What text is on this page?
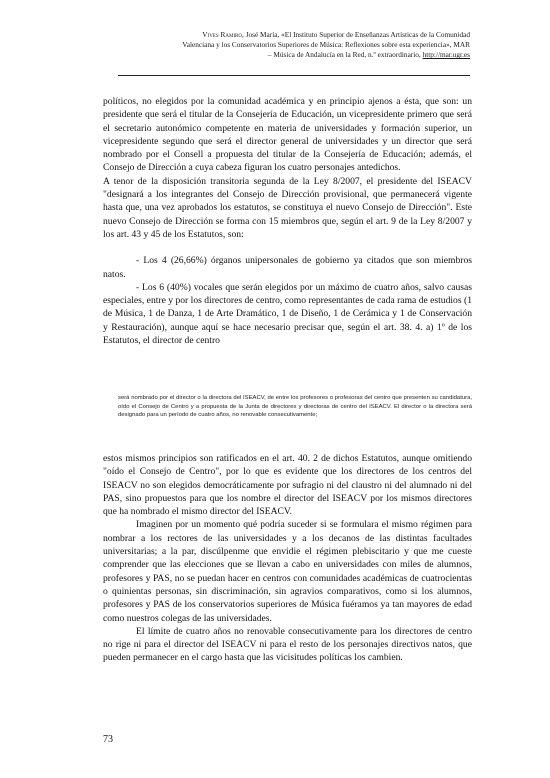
Vives Ramiro, José María, «El Instituto Superior de Enseñanzas Artísticas de la Comunidad
Valenciana y los Conservatorios Superiores de Música: Reflexiones sobre esta experiencia», MAR
– Música de Andalucía en la Red, n.º extraordinario, http://mar.ugr.es

políticos, no elegidos por la comunidad académica y en principio ajenos a ésta, que son: un presidente que será el titular de la Consejería de Educación, un vicepresidente primero que será el secretario autonómico competente en materia de universidades y formación superior, un vicepresidente segundo que será el director general de universidades y un director que será nombrado por el Consell a propuesta del titular de la Consejería de Educación; además, el Consejo de Dirección a cuya cabeza figuran los cuatro personajes antedichos.

A tenor de la disposición transitoria segunda de la Ley 8/2007, el presidente del ISEACV "designará a los integrantes del Consejo de Dirección provisional, que permanecerá vigente hasta que, una vez aprobados los estatutos, se constituya el nuevo Consejo de Dirección". Este nuevo Consejo de Dirección se forma con 15 miembros que, según el art. 9 de la Ley 8/2007 y los art. 43 y 45 de los Estatutos, son:

- Los 4 (26,66%) órganos unipersonales de gobierno ya citados que son miembros natos.

- Los 6 (40%) vocales que serán elegidos por un máximo de cuatro años, salvo causas especiales, entre y por los directores de centro, como representantes de cada rama de estudios (1 de Música, 1 de Danza, 1 de Arte Dramático, 1 de Diseño, 1 de Cerámica y 1 de Conservación y Restauración), aunque aquí se hace necesario precisar que, según el art. 38. 4. a) 1º de los Estatutos, el director de centro

será nombrado por el director o la directora del ISEACV, de entre los profesores o profesoras del centro que presenten su candidatura, oído el Consejo de Centro y a propuesta de la Junta de directores y directoras de centro del ISEACV. El director o la directora será designado para un período de cuatro años, no renovable consecutivamente;

estos mismos principios son ratificados en el art. 40. 2 de dichos Estatutos, aunque omitiendo "oído el Consejo de Centro", por lo que es evidente que los directores de los centros del ISEACV no son elegidos democráticamente por sufragio ni del claustro ni del alumnado ni del PAS, sino propuestos para que los nombre el director del ISEACV por los mismos directores que ha nombrado el mismo director del ISEACV.

Imaginen por un momento qué podría suceder si se formulara el mismo régimen para nombrar a los rectores de las universidades y a los decanos de las distintas facultades universitarias; a la par, discúlpenme que envidie el régimen plebiscitario y que me cueste comprender que las elecciones que se llevan a cabo en universidades con miles de alumnos, profesores y PAS, no se puedan hacer en centros con comunidades académicas de cuatrocientas o quinientas personas, sin discriminación, sin agravios comparativos, como si los alumnos, profesores y PAS de los conservatorios superiores de Música fuéramos ya tan mayores de edad como nuestros colegas de las universidades.

El límite de cuatro años no renovable consecutivamente para los directores de centro no rige ni para el director del ISEACV ni para el resto de los personajes directivos natos, que pueden permanecer en el cargo hasta que las vicisitudes políticas los cambien.

73
